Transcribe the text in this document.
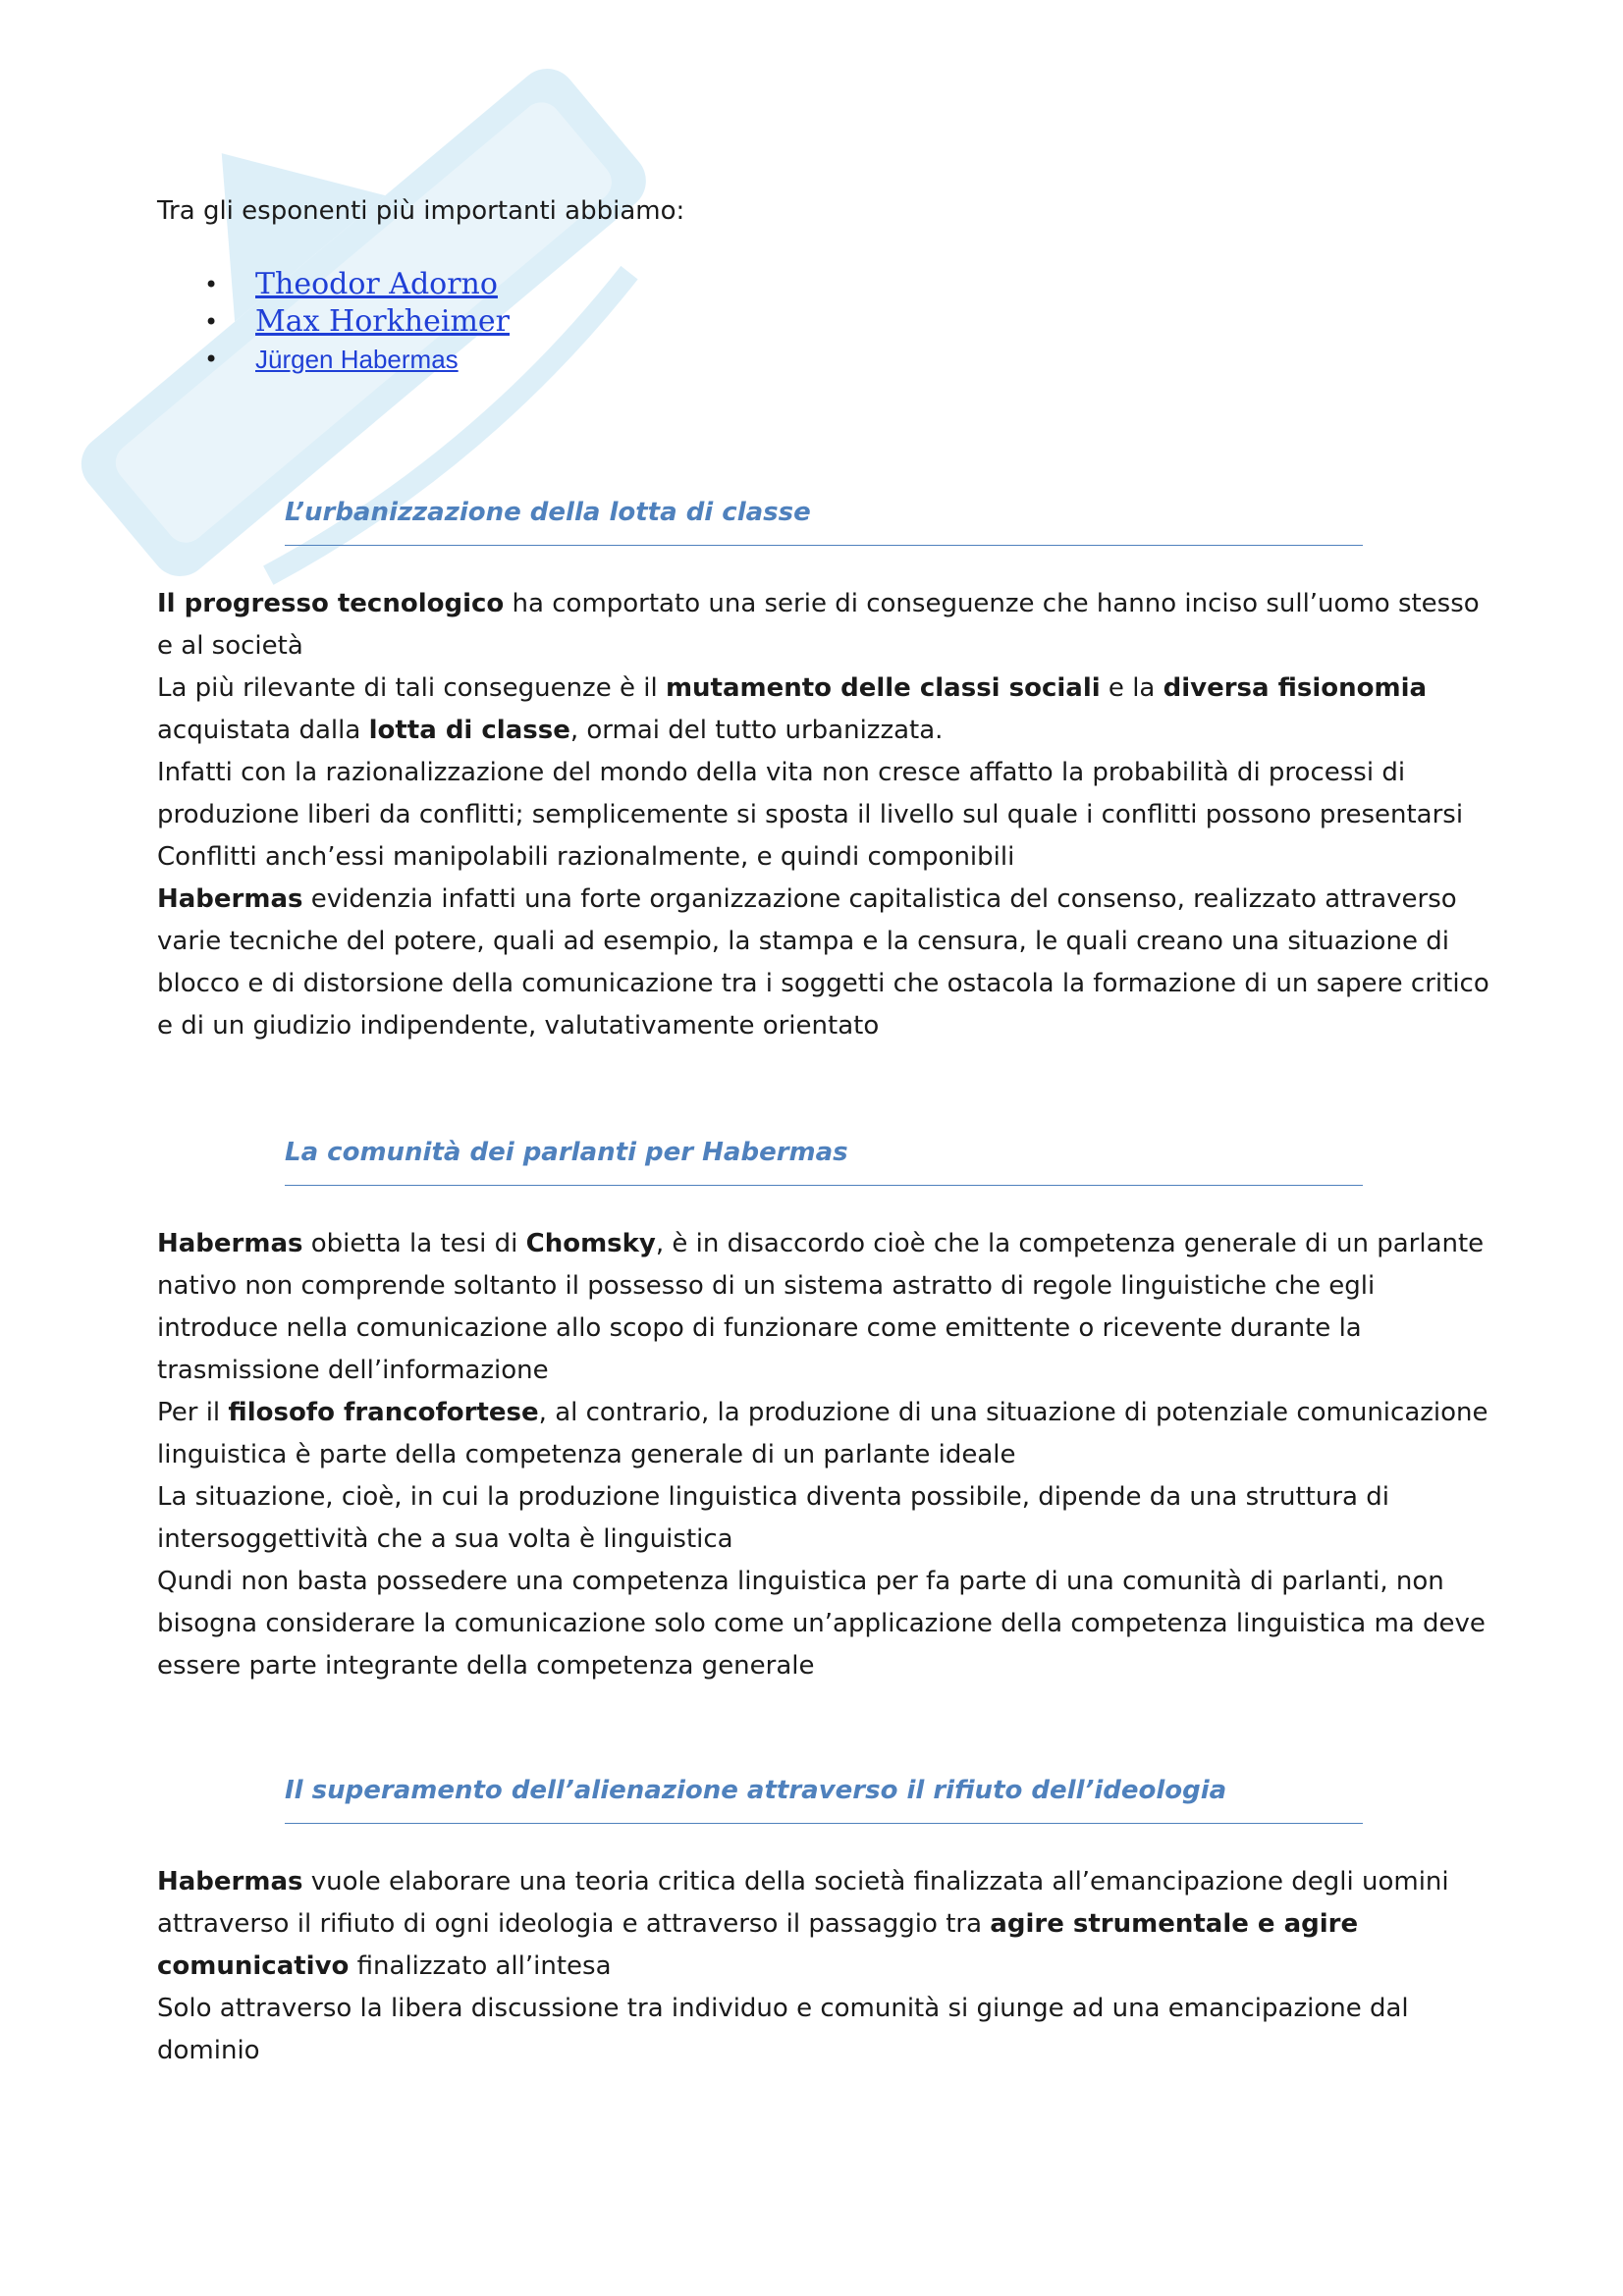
Tra gli esponenti più importanti abbiamo:

• Theodor Adorno
• Max Horkheimer
• Jürgen Habermas
L’urbanizzazione della lotta di classe

Il progresso tecnologico ha comportato una serie di conseguenze che hanno inciso sull’uomo stesso e al società

La più rilevante di tali conseguenze è il mutamento delle classi sociali e la diversa fisionomia acquistata dalla lotta di classe, ormai del tutto urbanizzata.

Infatti con la razionalizzazione del mondo della vita non cresce affatto la probabilità di processi di produzione liberi da conflitti; semplicemente si sposta il livello sul quale i conflitti possono presentarsi

Conflitti anch’essi manipolabili razionalmente, e quindi componibili

Habermas evidenzia infatti una forte organizzazione capitalistica del consenso, realizzato attraverso varie tecniche del potere, quali ad esempio, la stampa e la censura, le quali creano una situazione di blocco e di distorsione della comunicazione tra i soggetti che ostacola la formazione di un sapere critico e di un giudizio indipendente, valutativamente orientato

La comunità dei parlanti per Habermas

Habermas obietta la tesi di Chomsky, è in disaccordo cioè che la competenza generale di un parlante nativo non comprende soltanto il possesso di un sistema astratto di regole linguistiche che egli introduce nella comunicazione allo scopo di funzionare come emittente o ricevente durante la trasmissione dell’informazione

Per il filosofo francofortese, al contrario, la produzione di una situazione di potenziale comunicazione linguistica è parte della competenza generale di un parlante ideale

La situazione, cioè, in cui la produzione linguistica diventa possibile, dipende da una struttura di intersoggettività che a sua volta è linguistica

Qundi non basta possedere una competenza linguistica per fa parte di una comunità di parlanti, non bisogna considerare la comunicazione solo come un’applicazione della competenza linguistica ma deve essere parte integrante della competenza generale

Il superamento dell’alienazione attraverso il rifiuto dell’ideologia

Habermas vuole elaborare una teoria critica della società finalizzata all’emancipazione degli uomini attraverso il rifiuto di ogni ideologia e attraverso il passaggio tra agire strumentale e agire comunicativo finalizzato all’intesa

Solo attraverso la libera discussione tra individuo e comunità si giunge ad una emancipazione dal dominio
